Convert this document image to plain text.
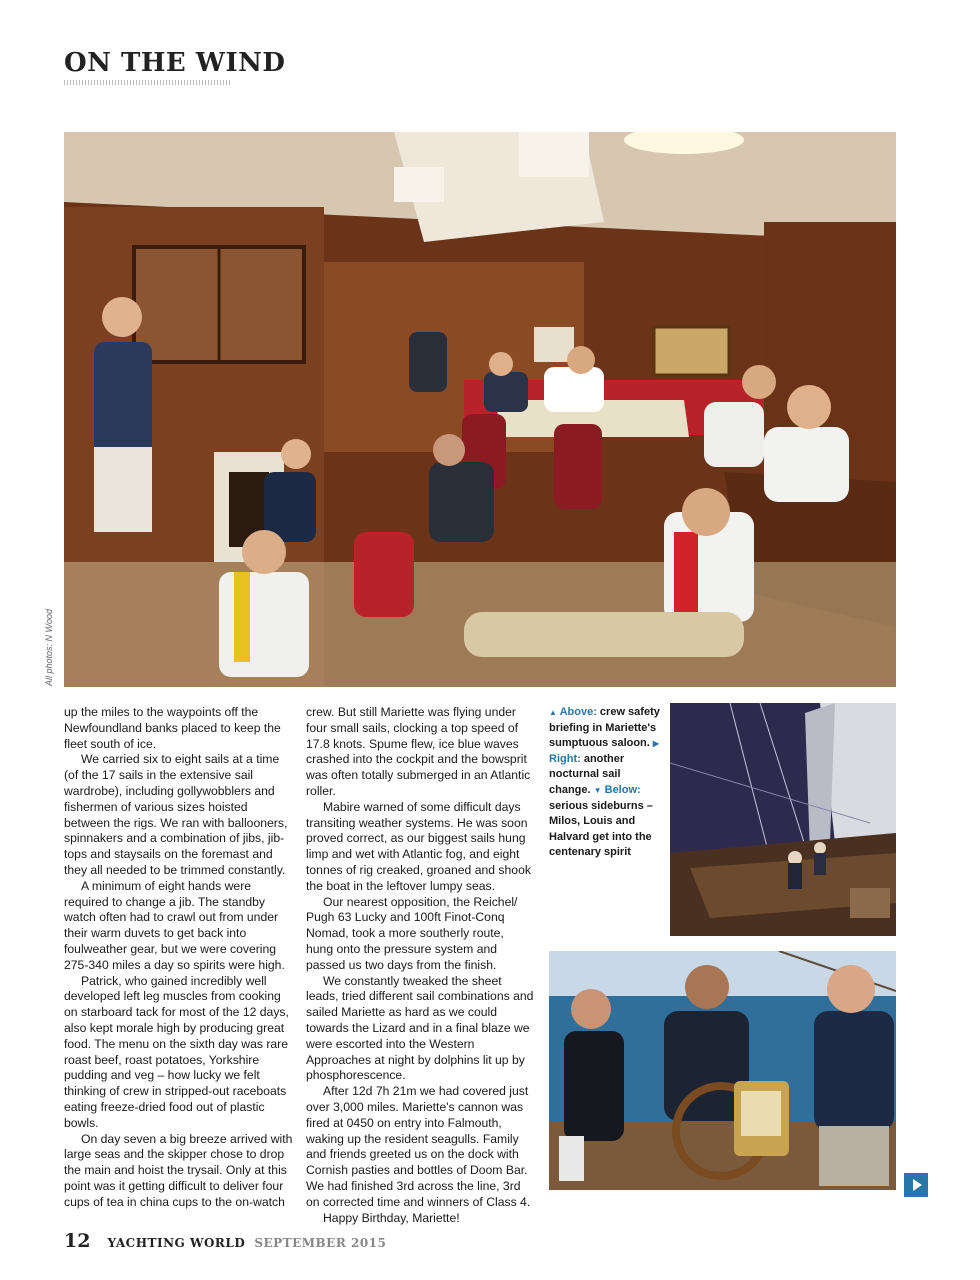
ON THE WIND
All photos: N Wood

up the miles to the waypoints off the Newfoundland banks placed to keep the fleet south of ice.

We carried six to eight sails at a time (of the 17 sails in the extensive sail wardrobe), including gollywobblers and fishermen of various sizes hoisted between the rigs. We ran with ballooners, spinnakers and a combination of jibs, jib-tops and staysails on the foremast and they all needed to be trimmed constantly.

A minimum of eight hands were required to change a jib. The standby watch often had to crawl out from under their warm duvets to get back into foulweather gear, but we were covering 275-340 miles a day so spirits were high.

Patrick, who gained incredibly well developed left leg muscles from cooking on starboard tack for most of the 12 days, also kept morale high by producing great food. The menu on the sixth day was rare roast beef, roast potatoes, Yorkshire pudding and veg – how lucky we felt thinking of crew in stripped-out raceboats eating freeze-dried food out of plastic bowls.

On day seven a big breeze arrived with large seas and the skipper chose to drop the main and hoist the trysail. Only at this point was it getting difficult to deliver four cups of tea in china cups to the on-watch

crew. But still Mariette was flying under four small sails, clocking a top speed of 17.8 knots. Spume flew, ice blue waves crashed into the cockpit and the bowsprit was often totally submerged in an Atlantic roller.

Mabire warned of some difficult days transiting weather systems. He was soon proved correct, as our biggest sails hung limp and wet with Atlantic fog, and eight tonnes of rig creaked, groaned and shook the boat in the leftover lumpy seas.

Our nearest opposition, the Reichel/ Pugh 63 Lucky and 100ft Finot-Conq Nomad, took a more southerly route, hung onto the pressure system and passed us two days from the finish.

We constantly tweaked the sheet leads, tried different sail combinations and sailed Mariette as hard as we could towards the Lizard and in a final blaze we were escorted into the Western Approaches at night by dolphins lit up by phosphorescence.

After 12d 7h 21m we had covered just over 3,000 miles. Mariette's cannon was fired at 0450 on entry into Falmouth, waking up the resident seagulls. Family and friends greeted us on the dock with Cornish pasties and bottles of Doom Bar. We had finished 3rd across the line, 3rd on corrected time and winners of Class 4.

Happy Birthday, Mariette!

▲ Above: crew safety briefing in Mariette's sumptuous saloon. ▶ Right: another nocturnal sail change. ▼ Below: serious sideburns – Milos, Louis and Halvard get into the centenary spirit
12 YACHTING WORLD SEPTEMBER 2015
